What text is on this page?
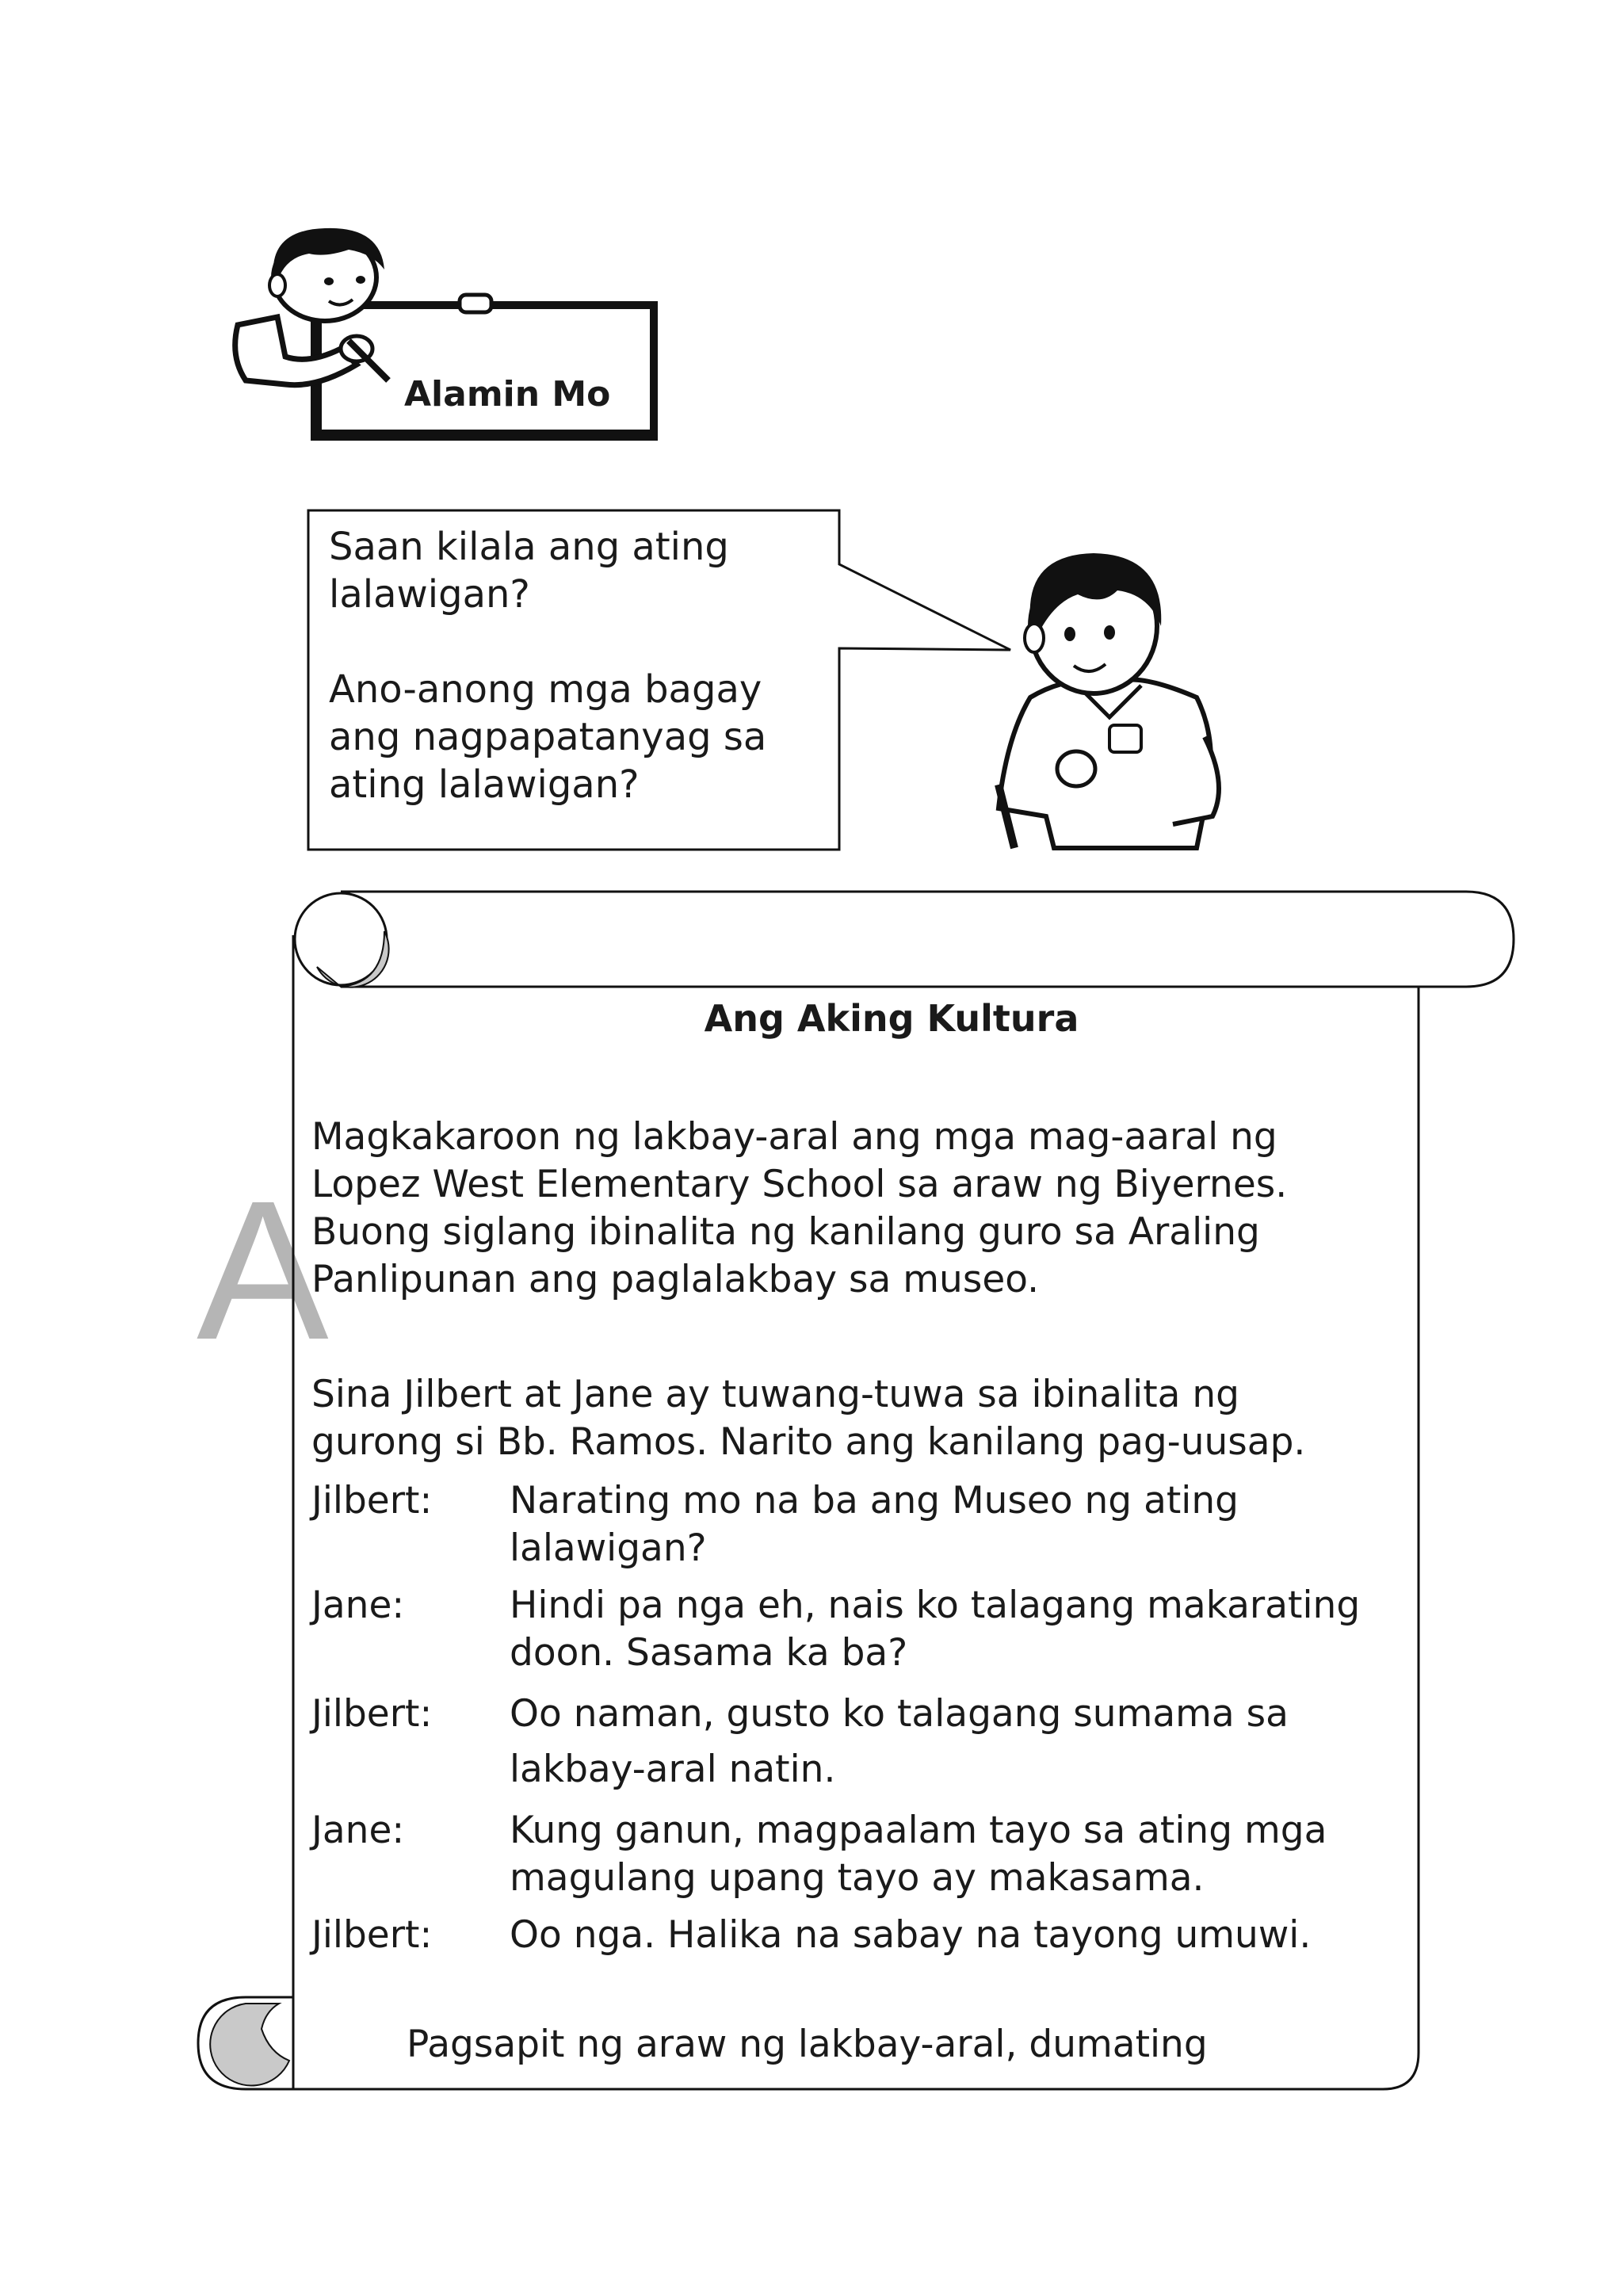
A
Alamin Mo

Saan kilala ang ating lalawigan?

Ano-anong mga bagay ang nagpapatanyag sa ating lalawigan?

Ang Aking Kultura
Magkakaroon ng lakbay-aral ang mga mag-aaral ng
Lopez West Elementary School sa araw ng Biyernes.
Buong siglang ibinalita ng kanilang guro sa Araling
Panlipunan ang paglalakbay sa museo.
Sina Jilbert at Jane ay tuwang-tuwa sa ibinalita ng
gurong si Bb. Ramos. Narito ang kanilang pag-uusap.
Jilbert:	Narating mo na ba ang Museo ng ating
lalawigan?
Jane:	Hindi pa nga eh, nais ko talagang makarating
doon. Sasama ka ba?
Jilbert:	Oo naman, gusto ko talagang sumama sa
lakbay-aral natin.
Jane:	Kung ganun, magpaalam tayo sa ating mga
magulang upang tayo ay makasama.
Jilbert:	Oo nga. Halika na sabay na tayong umuwi.
Pagsapit ng araw ng lakbay-aral, dumating
